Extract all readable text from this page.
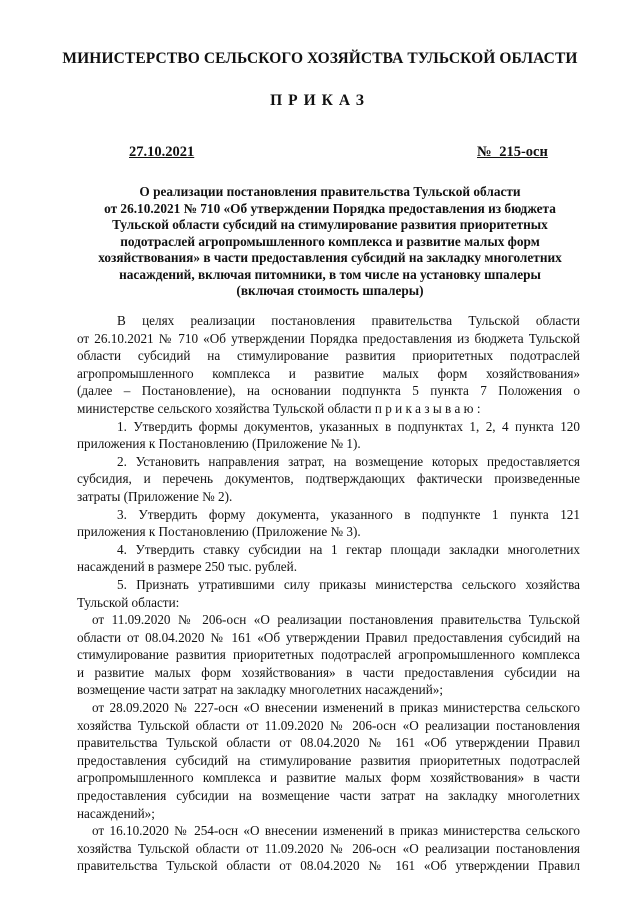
МИНИСТЕРСТВО СЕЛЬСКОГО ХОЗЯЙСТВА ТУЛЬСКОЙ ОБЛАСТИ
ПРИКАЗ
27.10.2021	№ 215-осн
О реализации постановления правительства Тульской области
от 26.10.2021 № 710 «Об утверждении Порядка предоставления из бюджета
Тульской области субсидий на стимулирование развития приоритетных
подотраслей агропромышленного комплекса и развитие малых форм
хозяйствования» в части предоставления субсидий на закладку многолетних
насаждений, включая питомники, в том числе на установку шпалеры
(включая стоимость шпалеры)
В целях реализации постановления правительства Тульской области
от 26.10.2021 № 710 «Об утверждении Порядка предоставления из бюджета Тульской
области субсидий на стимулирование развития приоритетных подотраслей
агропромышленного комплекса и развитие малых форм хозяйствования»
(далее – Постановление), на основании подпункта 5 пункта 7 Положения о
министерстве сельского хозяйства Тульской области п р и к а з ы в а ю :
1. Утвердить формы документов, указанных в подпунктах 1, 2, 4 пункта 120
приложения к Постановлению (Приложение № 1).
2. Установить направления затрат, на возмещение которых предоставляется
субсидия, и перечень документов, подтверждающих фактически произведенные
затраты (Приложение № 2).
3. Утвердить форму документа, указанного в подпункте 1 пункта 121
приложения к Постановлению (Приложение № 3).
4. Утвердить ставку субсидии на 1 гектар площади закладки многолетних
насаждений в размере 250 тыс. рублей.
5. Признать утратившими силу приказы министерства сельского хозяйства
Тульской области:
от 11.09.2020 № 206-осн «О реализации постановления правительства Тульской
области от 08.04.2020 № 161 «Об утверждении Правил предоставления субсидий на
стимулирование развития приоритетных подотраслей агропромышленного комплекса
и развитие малых форм хозяйствования» в части предоставления субсидии на
возмещение части затрат на закладку многолетних насаждений»;
от 28.09.2020 № 227-осн «О внесении изменений в приказ министерства сельского
хозяйства Тульской области от 11.09.2020 № 206-осн «О реализации постановления
правительства Тульской области от 08.04.2020 № 161 «Об утверждении Правил
предоставления субсидий на стимулирование развития приоритетных подотраслей
агропромышленного комплекса и развитие малых форм хозяйствования» в части
предоставления субсидии на возмещение части затрат на закладку многолетних
насаждений»;
от 16.10.2020 № 254-осн «О внесении изменений в приказ министерства сельского
хозяйства Тульской области от 11.09.2020 № 206-осн «О реализации постановления
правительства Тульской области от 08.04.2020 № 161 «Об утверждении Правил
